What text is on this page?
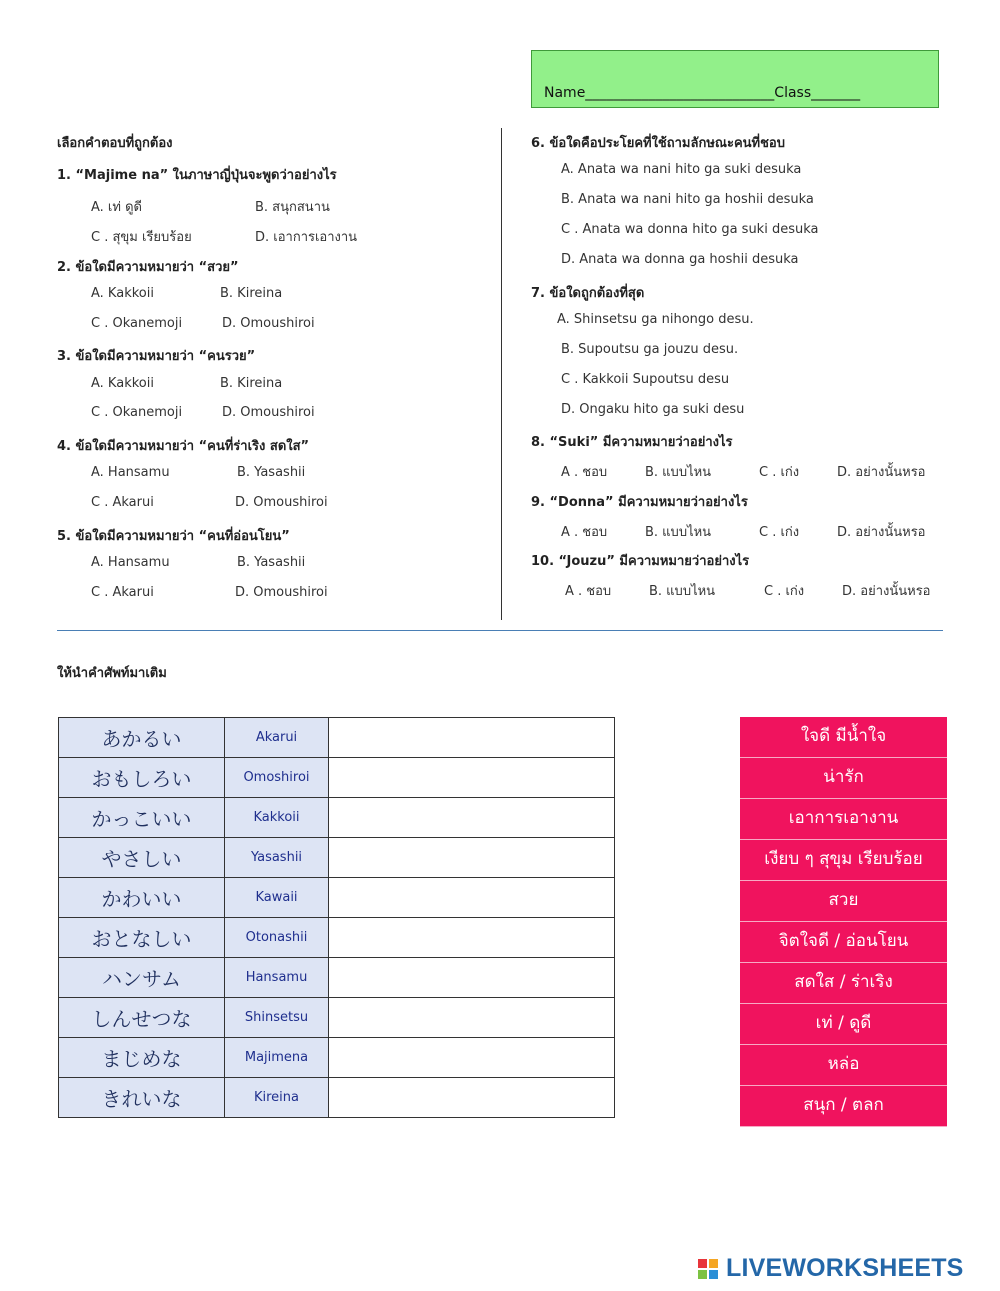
Name___________________________Class_______
เลือกคำตอบที่ถูกต้อง
1. “Majime na” ในภาษาญี่ปุ่นจะพูดว่าอย่างไร
A. เท่ ดูดี	B. สนุกสนาน
C . สุขุม เรียบร้อย	D. เอาการเอางาน
2. ข้อใดมีความหมายว่า “สวย”
A. Kakkoii	B. Kireina
C . Okanemoji	D. Omoushiroi
3. ข้อใดมีความหมายว่า “คนรวย”
A. Kakkoii	B. Kireina
C . Okanemoji	D. Omoushiroi
4. ข้อใดมีความหมายว่า “คนที่ร่าเริง สดใส”
A. Hansamu	B. Yasashii
C . Akarui	D. Omoushiroi
5. ข้อใดมีความหมายว่า “คนที่อ่อนโยน”
A. Hansamu	B. Yasashii
C . Akarui	D. Omoushiroi
6. ข้อใดคือประโยคที่ใช้ถามลักษณะคนที่ชอบ
A. Anata wa nani hito ga suki desuka
B. Anata wa nani hito ga hoshii desuka
C . Anata wa donna hito ga suki desuka
D. Anata wa donna ga hoshii desuka
7. ข้อใดถูกต้องที่สุด
A. Shinsetsu ga nihongo desu.
B. Supoutsu ga jouzu desu.
C . Kakkoii Supoutsu desu
D. Ongaku hito ga suki desu
8. “Suki” มีความหมายว่าอย่างไร
A . ชอบ	B. แบบไหน	C . เก่ง	D. อย่างนั้นหรอ
9. “Donna” มีความหมายว่าอย่างไร
A . ชอบ	B. แบบไหน	C . เก่ง	D. อย่างนั้นหรอ
10. “Jouzu” มีความหมายว่าอย่างไร
A . ชอบ	B. แบบไหน	C . เก่ง	D. อย่างนั้นหรอ
ให้นำคำศัพท์มาเติม
あかるい	Akarui	
おもしろい	Omoshiroi	
かっこいい	Kakkoii	
やさしい	Yasashii	
かわいい	Kawaii	
おとなしい	Otonashii	
ハンサム	Hansamu	
しんせつな	Shinsetsu	
まじめな	Majimena	
きれいな	Kireina	
ใจดี มีน้ำใจ
น่ารัก
เอาการเอางาน
เงียบ ๆ สุขุม เรียบร้อย
สวย
จิตใจดี / อ่อนโยน
สดใส / ร่าเริง
เท่ / ดูดี
หล่อ
สนุก / ตลก
LIVEWORKSHEETS
